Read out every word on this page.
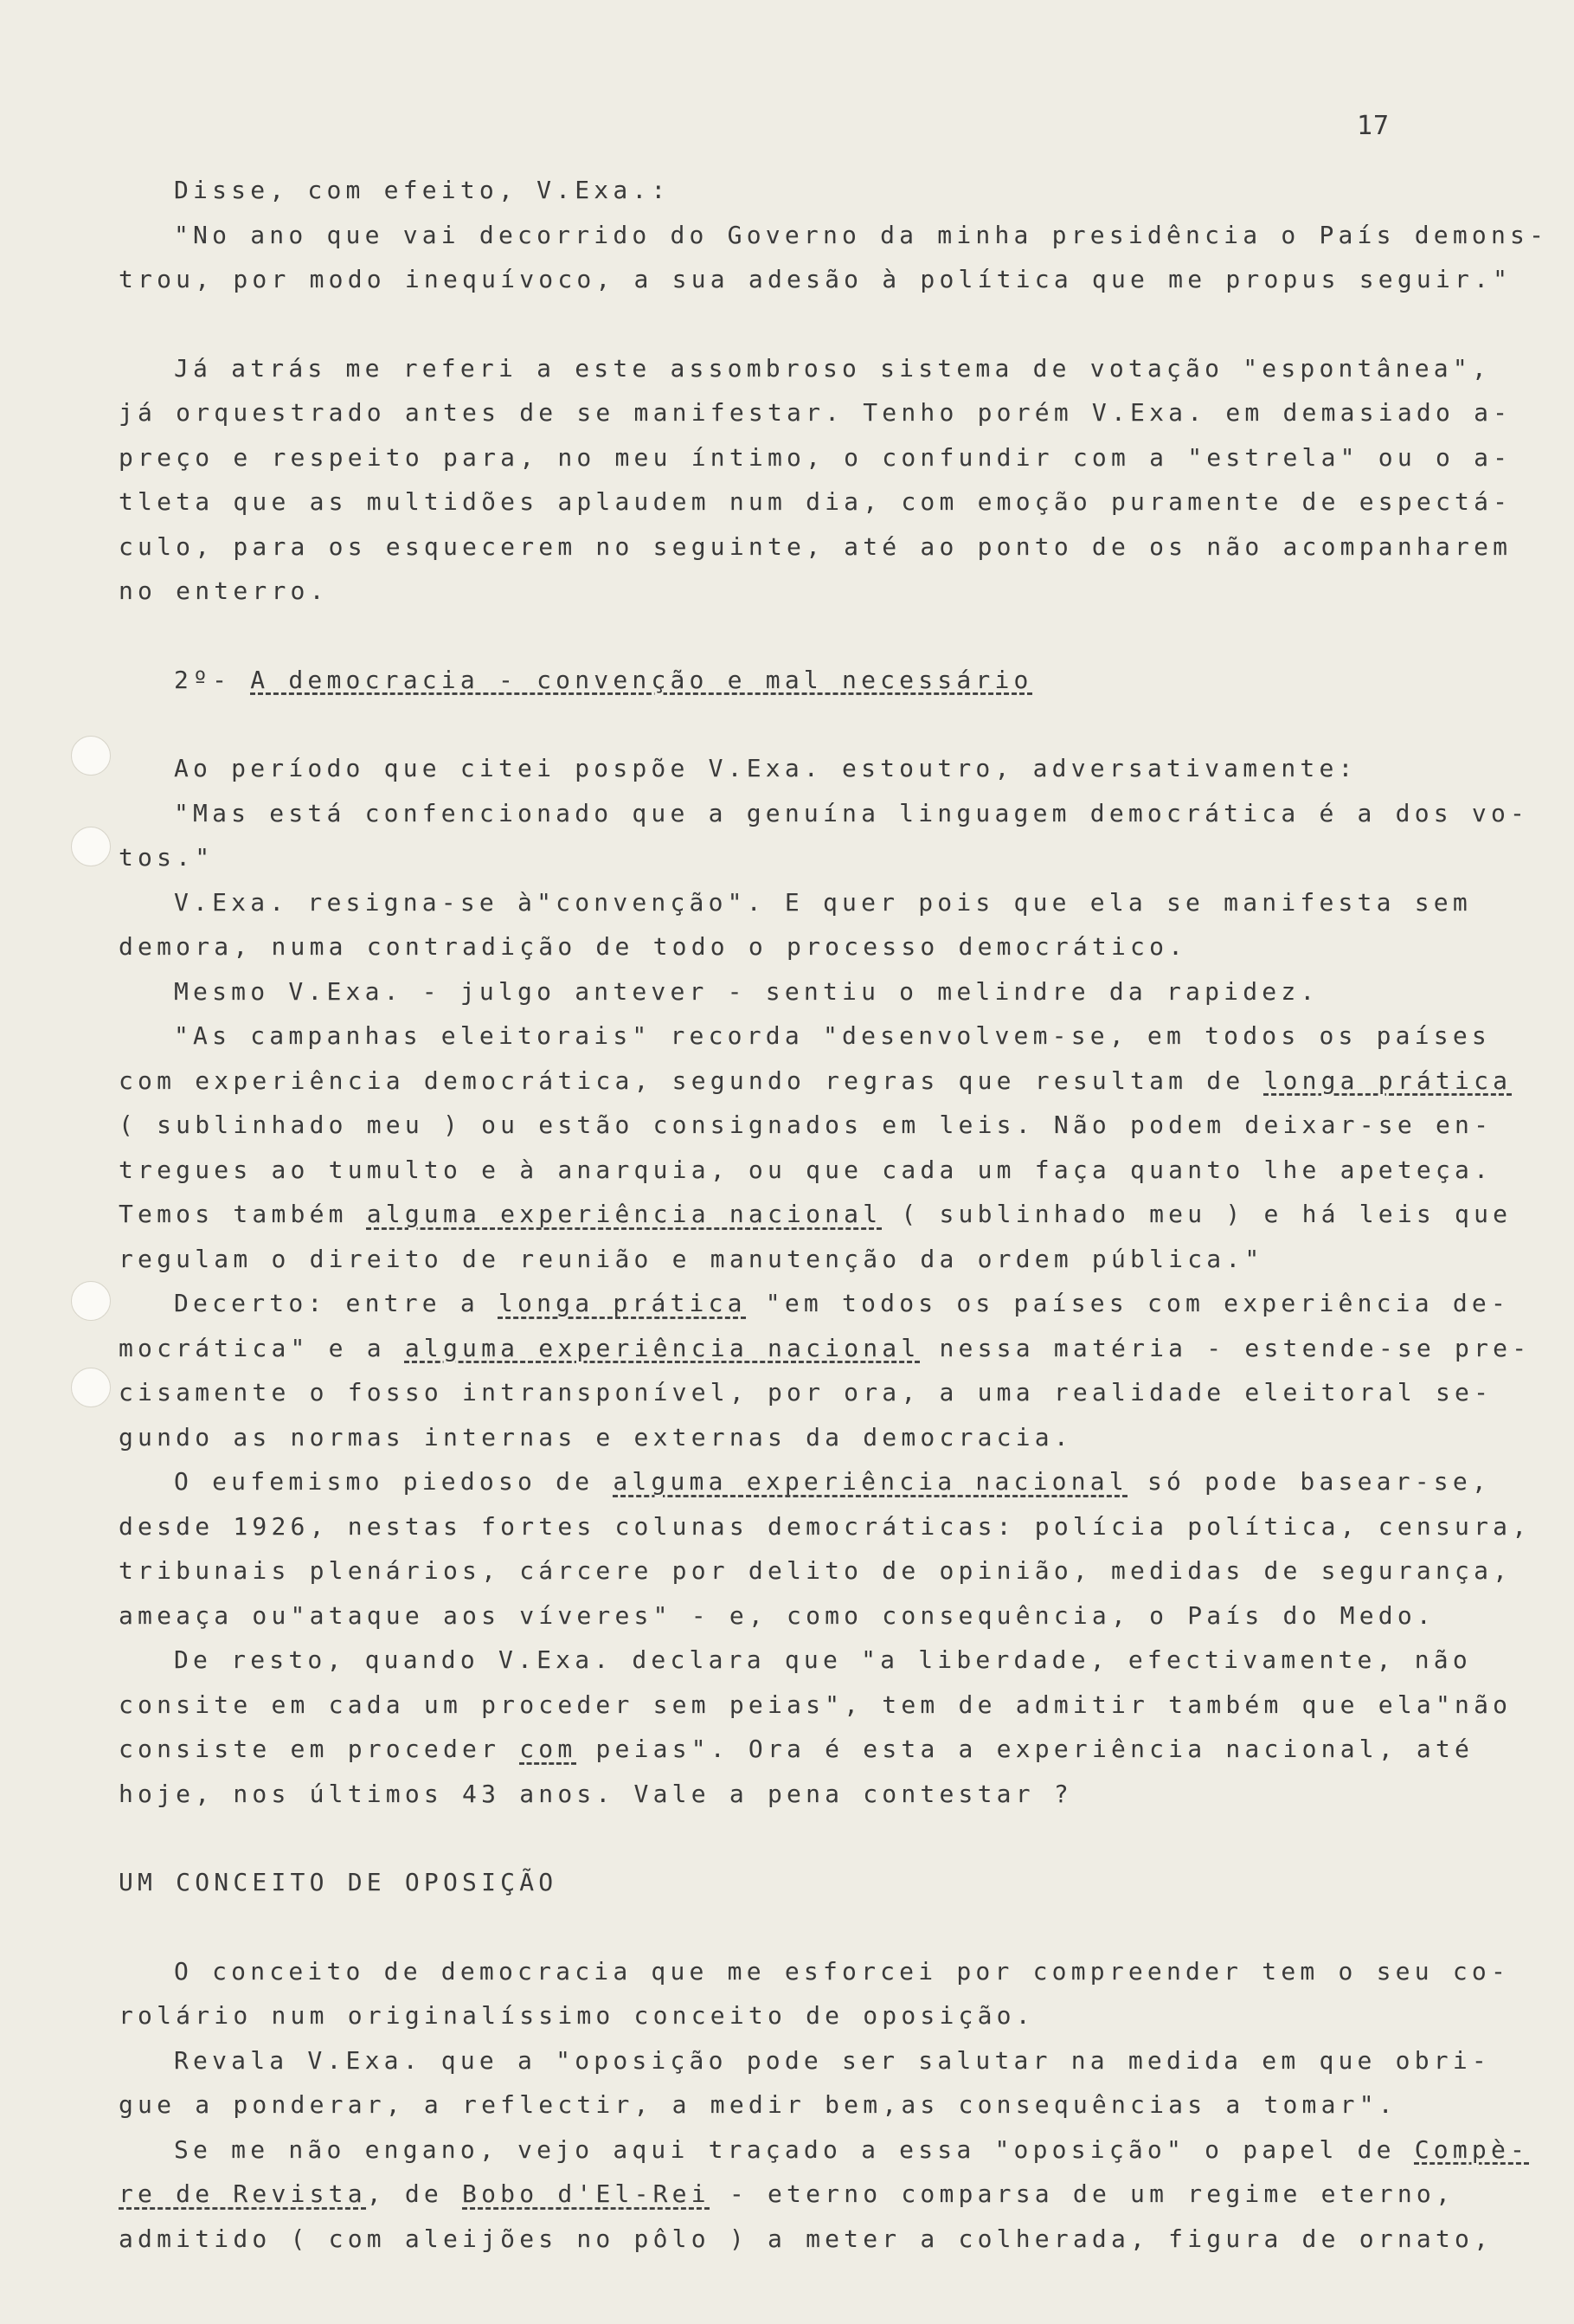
17
Disse, com efeito, V.Exa.:
"No ano que vai decorrido do Governo da minha presidência o País demons-
trou, por modo inequívoco, a sua adesão à política que me propus seguir."
Já atrás me referi a este assombroso sistema de votação "espontânea",
já orquestrado antes de se manifestar. Tenho porém V.Exa. em demasiado a-
preço e respeito para, no meu íntimo, o confundir com a "estrela" ou o a-
tleta que as multidões aplaudem num dia, com emoção puramente de espectá-
culo, para os esquecerem no seguinte, até ao ponto de os não acompanharem
no enterro.
2º- A democracia - convenção e mal necessário
Ao período que citei pospõe V.Exa. estoutro, adversativamente:
"Mas está confencionado que a genuína linguagem democrática é a dos vo-
tos."
V.Exa. resigna-se à"convenção". E quer pois que ela se manifesta sem
demora, numa contradição de todo o processo democrático.
Mesmo V.Exa. - julgo antever - sentiu o melindre da rapidez.
"As campanhas eleitorais" recorda "desenvolvem-se, em todos os países
com experiência democrática, segundo regras que resultam de longa prática
( sublinhado meu ) ou estão consignados em leis. Não podem deixar-se en-
tregues ao tumulto e à anarquia, ou que cada um faça quanto lhe apeteça.
Temos também alguma experiência nacional ( sublinhado meu ) e há leis que
regulam o direito de reunião e manutenção da ordem pública."
Decerto: entre a longa prática "em todos os países com experiência de-
mocrática" e a alguma experiência nacional nessa matéria - estende-se pre-
cisamente o fosso intransponível, por ora, a uma realidade eleitoral se-
gundo as normas internas e externas da democracia.
O eufemismo piedoso de alguma experiência nacional só pode basear-se,
desde 1926, nestas fortes colunas democráticas: polícia política, censura,
tribunais plenários, cárcere por delito de opinião, medidas de segurança,
ameaça ou"ataque aos víveres" - e, como consequência, o País do Medo.
De resto, quando V.Exa. declara que "a liberdade, efectivamente, não
consite em cada um proceder sem peias", tem de admitir também que ela"não
consiste em proceder com peias". Ora é esta a experiência nacional, até
hoje, nos últimos 43 anos. Vale a pena contestar ?
UM CONCEITO DE OPOSIÇÃO
O conceito de democracia que me esforcei por compreender tem o seu co-
rolário num originalíssimo conceito de oposição.
Revala V.Exa. que a "oposição pode ser salutar na medida em que obri-
gue a ponderar, a reflectir, a medir bem,as consequências a tomar".
Se me não engano, vejo aqui traçado a essa "oposição" o papel de Compè-
re de Revista, de Bobo d'El-Rei - eterno comparsa de um regime eterno,
admitido ( com aleijões no pôlo ) a meter a colherada, figura de ornato,
